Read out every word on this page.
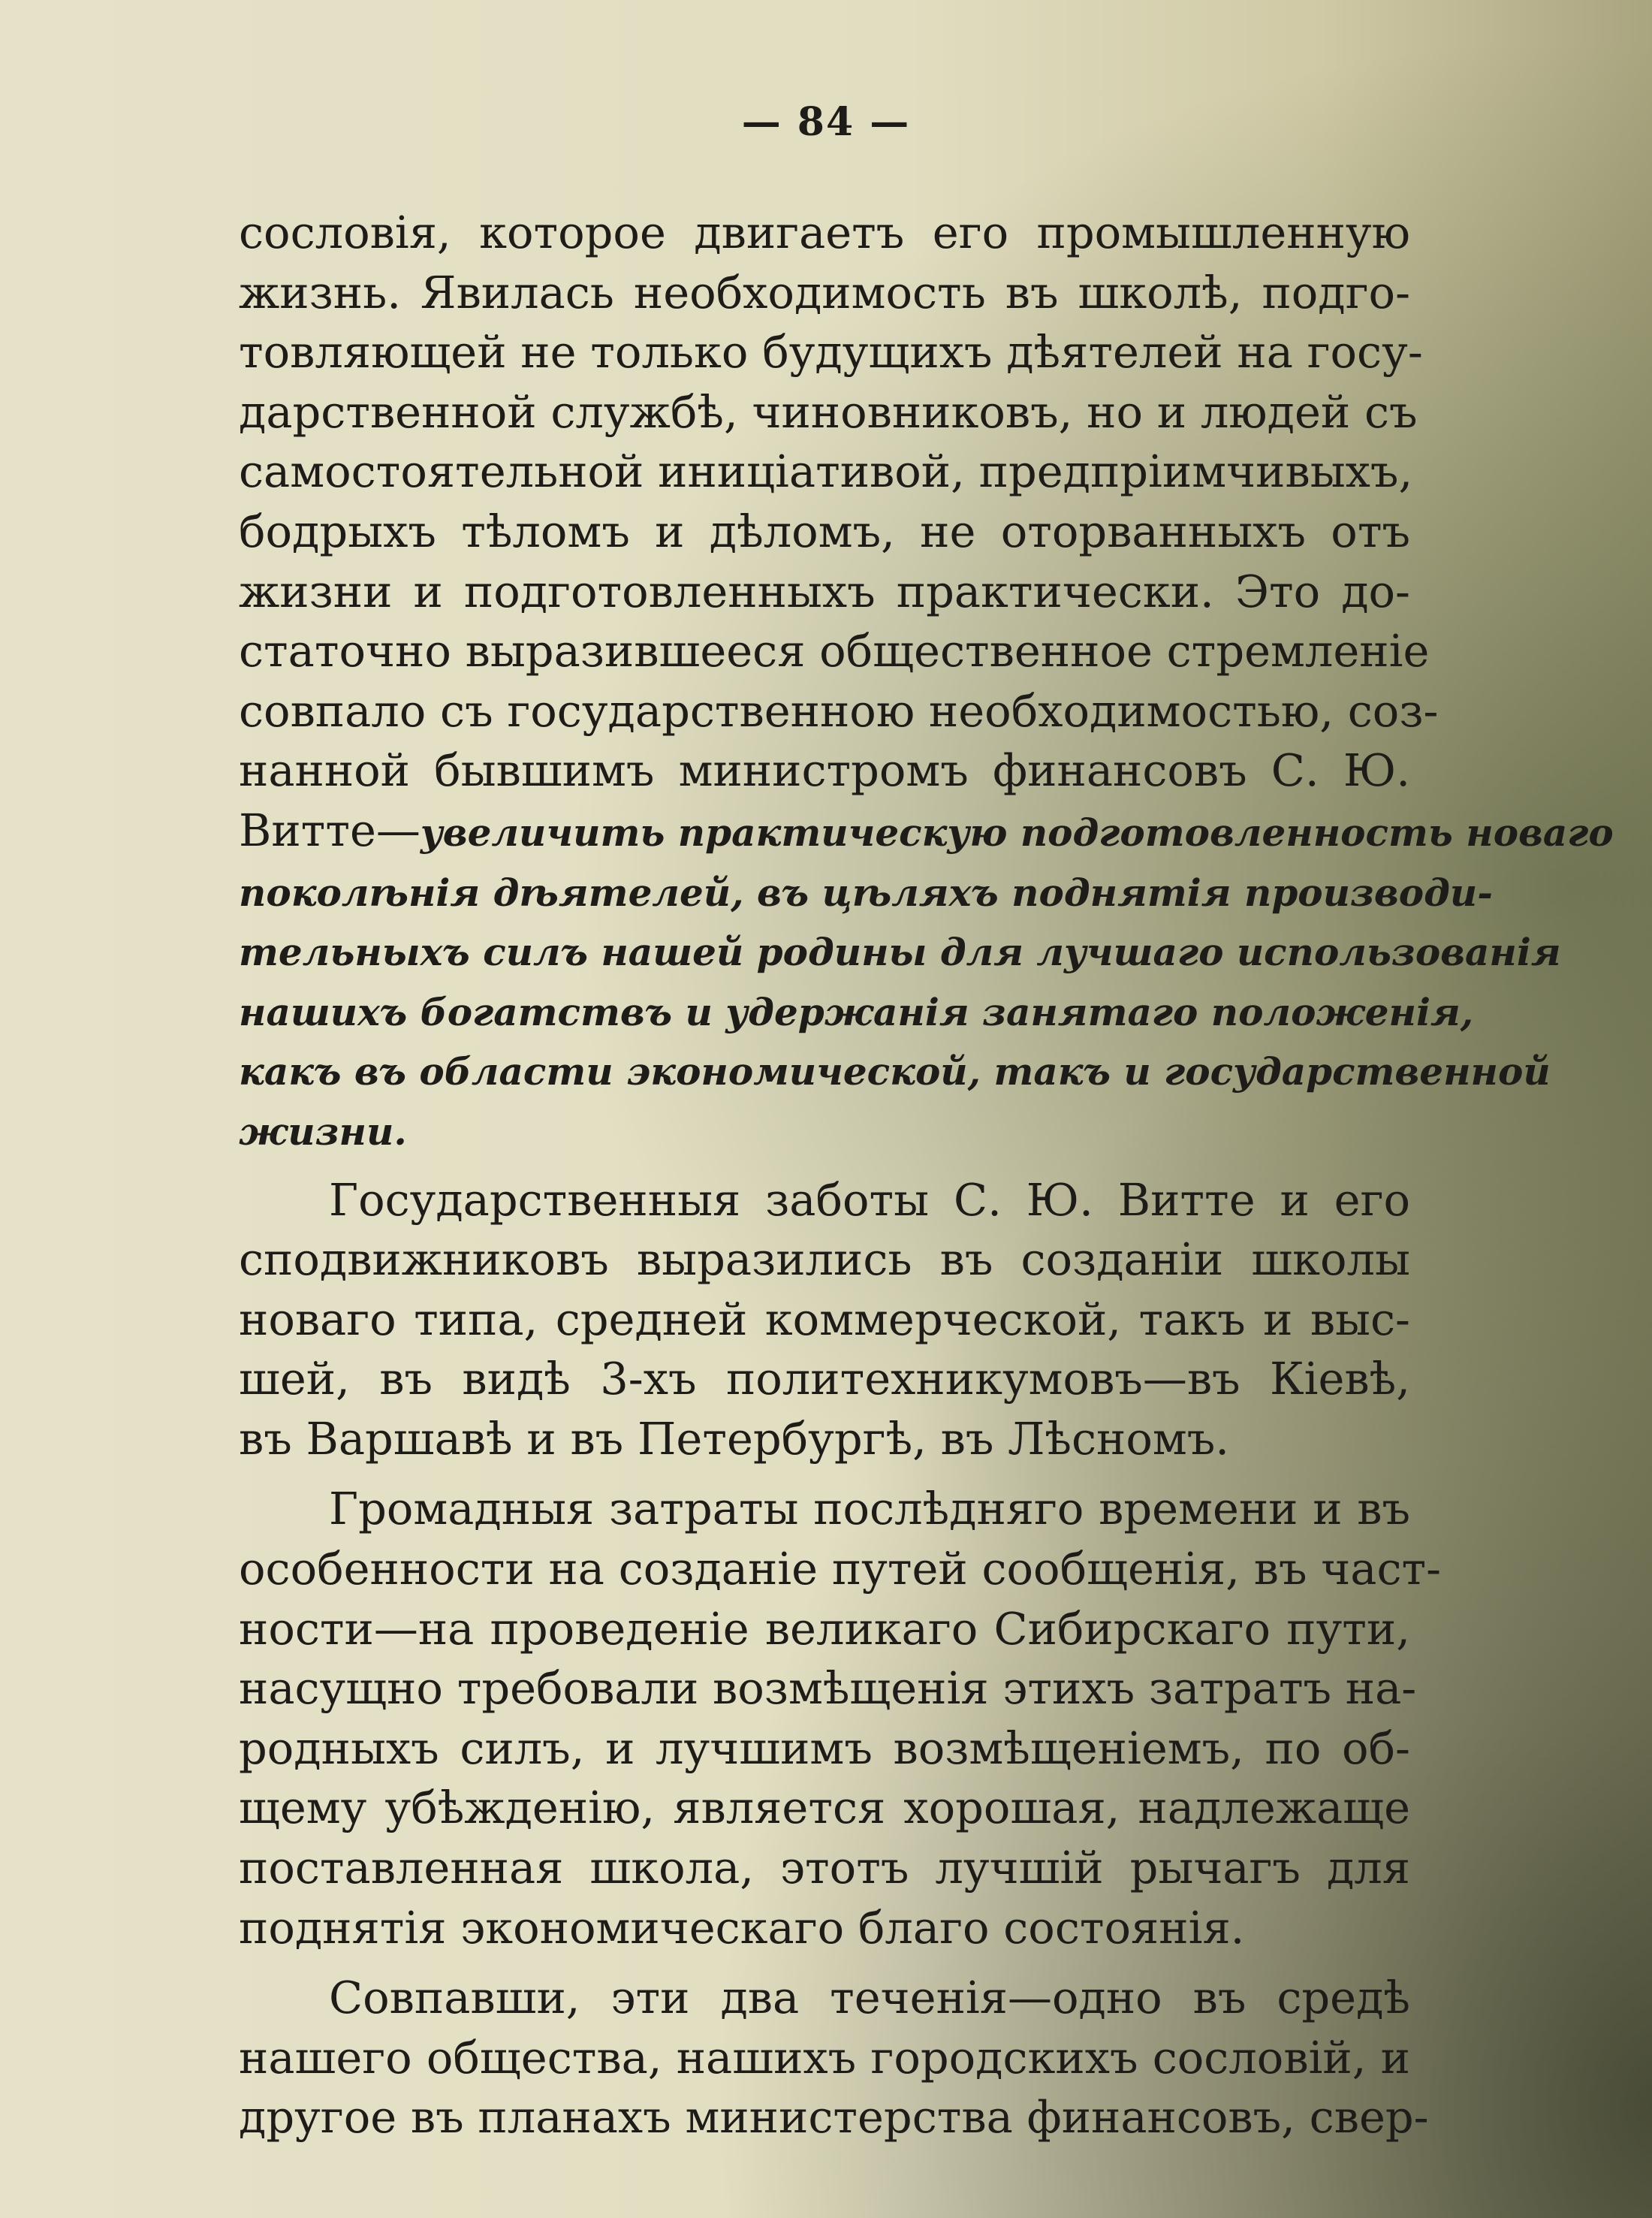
— 84 —
сословія, которое двигаетъ его промышленную
жизнь. Явилась необходимость въ школѣ, подго-
товляющей не только будущихъ дѣятелей на госу-
дарственной службѣ, чиновниковъ, но и людей съ
самостоятельной иниціативой, предпріимчивыхъ,
бодрыхъ тѣломъ и дѣломъ, не оторванныхъ отъ
жизни и подготовленныхъ практически. Это до-
статочно выразившееся общественное стремленіе
совпало съ государственною необходимостью, соз-
нанной бывшимъ министромъ финансовъ С. Ю.
Витте—увеличить практическую подготовленность новаго
поколѣнія дѣятелей, въ цѣляхъ поднятія производи-
тельныхъ силъ нашей родины для лучшаго использованія
нашихъ богатствъ и удержанія занятаго положенія,
какъ въ области экономической, такъ и государственной
жизни.
Государственныя заботы С. Ю. Витте и его
сподвижниковъ выразились въ созданіи школы
новаго типа, средней коммерческой, такъ и выс-
шей, въ видѣ 3-хъ политехникумовъ—въ Кіевѣ,
въ Варшавѣ и въ Петербургѣ, въ Лѣсномъ.
Громадныя затраты послѣдняго времени и въ
особенности на созданіе путей сообщенія, въ част-
ности—на проведеніе великаго Сибирскаго пути,
насущно требовали возмѣщенія этихъ затратъ на-
родныхъ силъ, и лучшимъ возмѣщеніемъ, по об-
щему убѣжденію, является хорошая, надлежаще
поставленная школа, этотъ лучшій рычагъ для
поднятія экономическаго благо состоянія.
Совпавши, эти два теченія—одно въ средѣ
нашего общества, нашихъ городскихъ сословій, и
другое въ планахъ министерства финансовъ, свер-
